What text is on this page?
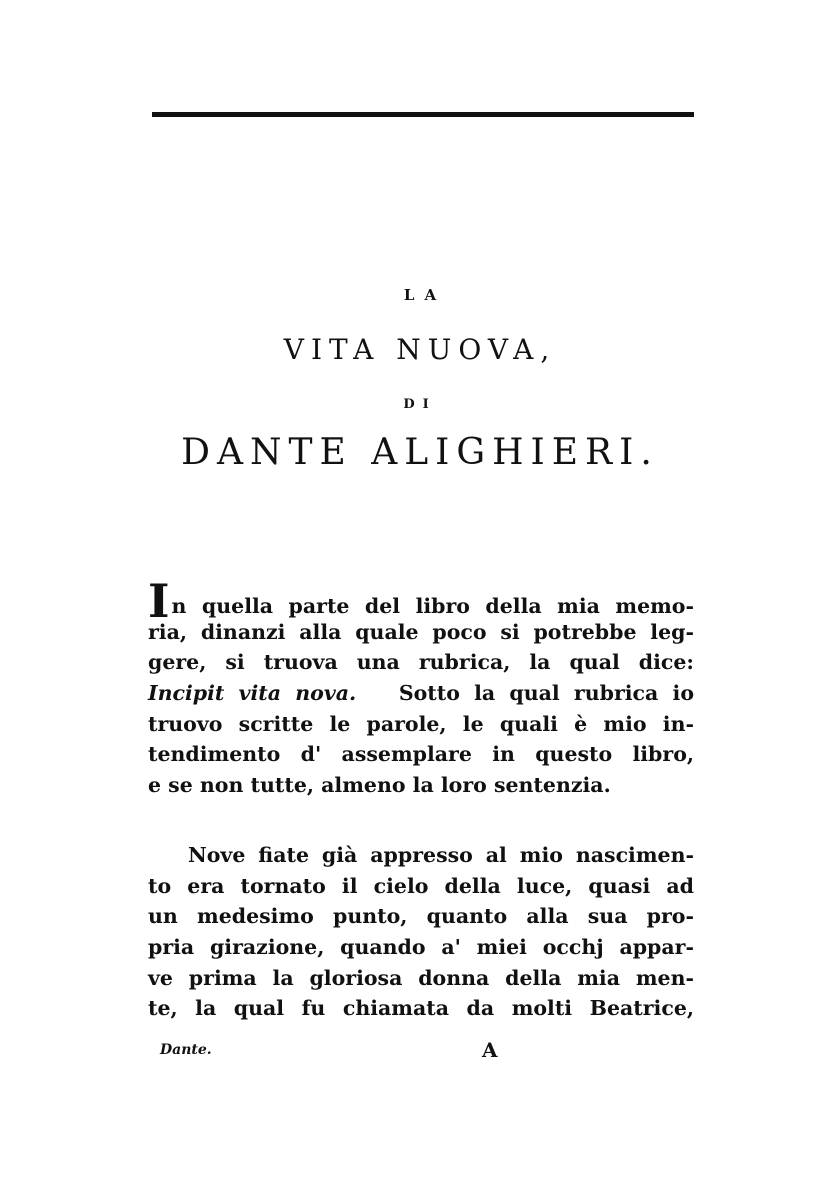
LA
VITA NUOVA,
DI
DANTE ALIGHIERI.
In quella parte del libro della mia memo-
ria, dinanzi alla quale poco si potrebbe leg-
gere, si truova una rubrica, la qual dice:
Incipit vita nova. Sotto la qual rubrica io
truovo scritte le parole, le quali è mio in-
tendimento d' assemplare in questo libro,
e se non tutte, almeno la loro sentenzia.
Nove fiate già appresso al mio nascimen-
to era tornato il cielo della luce, quasi ad
un medesimo punto, quanto alla sua pro-
pria girazione, quando a' miei occhj appar-
ve prima la gloriosa donna della mia men-
te, la qual fu chiamata da molti Beatrice,
Dante.	A
